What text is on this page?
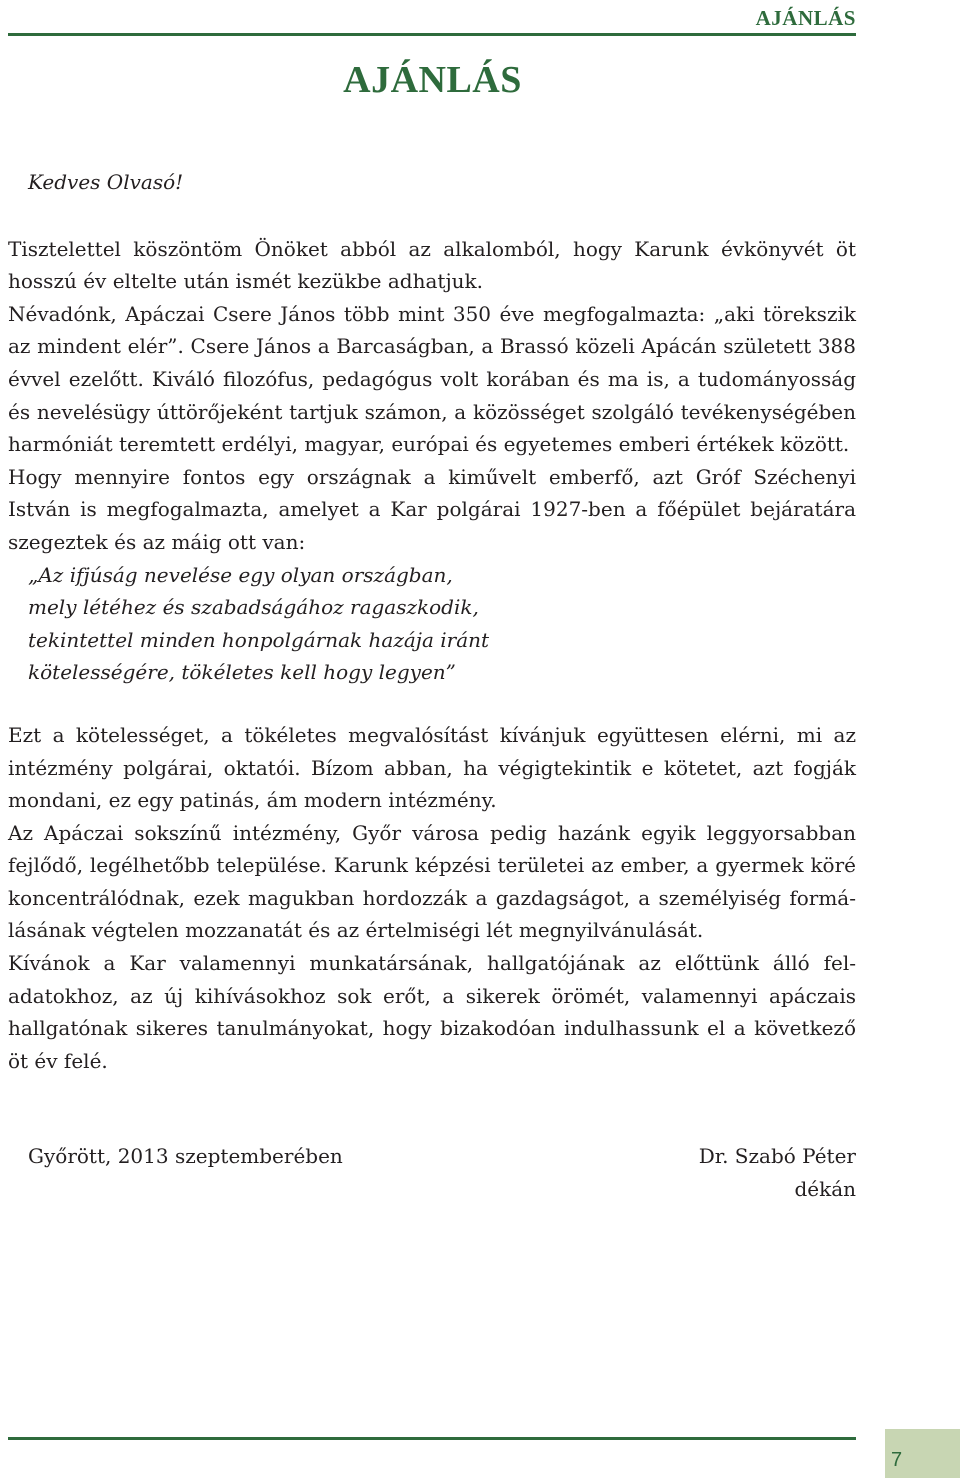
AJÁNLÁS
AJÁNLÁS

Kedves Olvasó!

Tisztelettel köszöntöm Önöket abból az alkalomból, hogy Karunk évkönyvét öt hosszú év eltelte után ismét kezükbe adhatjuk.

Névadónk, Apáczai Csere János több mint 350 éve megfogalmazta: „aki törekszik az mindent elér”. Csere János a Barcaságban, a Brassó közeli Apácán született 388 évvel ezelőtt. Kiváló filozófus, pedagógus volt korában és ma is, a tudományosság és nevelésügy úttörőjeként tartjuk számon, a közösséget szolgáló tevékenységében harmóniát teremtett erdélyi, magyar, európai és egyetemes emberi értékek között.

Hogy mennyire fontos egy országnak a kiművelt emberfő, azt Gróf Széchenyi István is megfogalmazta, amelyet a Kar polgárai 1927-ben a főépület bejáratára szegeztek és az máig ott van:

„Az ifjúság nevelése egy olyan országban,
mely létéhez és szabadságához ragaszkodik,
tekintettel minden honpolgárnak hazája iránt
kötelességére, tökéletes kell hogy legyen”

Ezt a kötelességet, a tökéletes megvalósítást kívánjuk együttesen elérni, mi az intézmény polgárai, oktatói. Bízom abban, ha végigtekintik e kötetet, azt fogják mondani, ez egy patinás, ám modern intézmény.

Az Apáczai sokszínű intézmény, Győr városa pedig hazánk egyik leggyorsabban fejlődő, legélhetőbb települése. Karunk képzési területei az ember, a gyermek köré koncentrálódnak, ezek magukban hordozzák a gazdagságot, a személyiség formálásának végtelen mozzanatát és az értelmiségi lét megnyilvánulását.

Kívánok a Kar valamennyi munkatársának, hallgatójának az előttünk álló feladatokhoz, az új kihívásokhoz sok erőt, a sikerek örömét, valamennyi apáczais hallgatónak sikeres tanulmányokat, hogy bizakodóan indulhassunk el a következő öt év felé.

Győrött, 2013 szeptemberében	Dr. Szabó Péter
dékán
7
